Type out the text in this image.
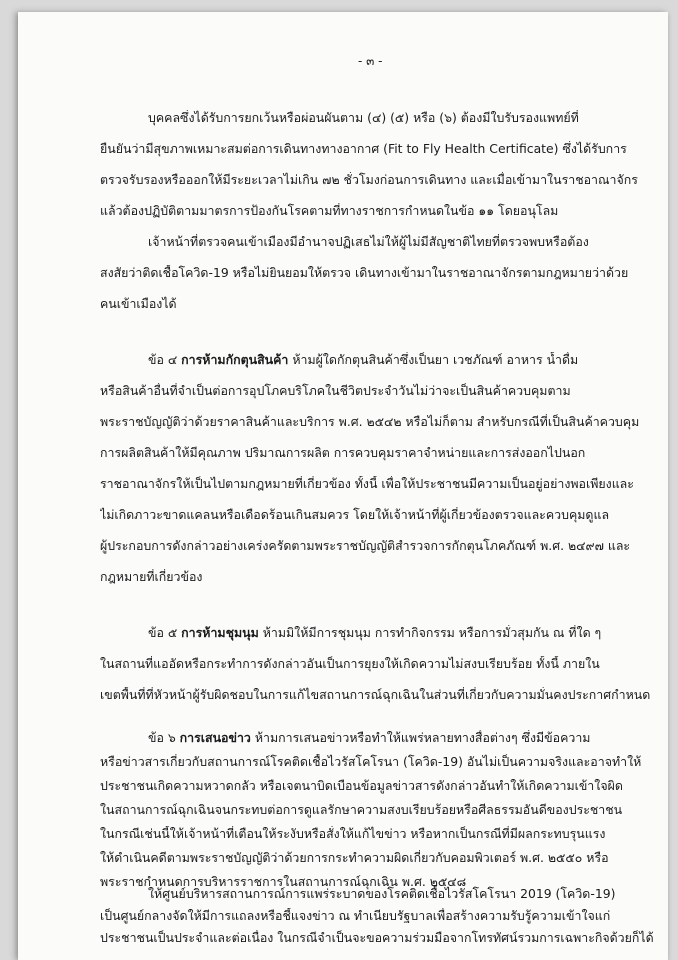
- ๓ -
บุคคลซึ่งได้รับการยกเว้นหรือผ่อนผันตาม (๔) (๕) หรือ (๖) ต้องมีใบรับรองแพทย์ที่
ยืนยันว่ามีสุขภาพเหมาะสมต่อการเดินทางทางอากาศ (Fit to Fly Health Certificate) ซึ่งได้รับการ
ตรวจรับรองหรือออกให้มีระยะเวลาไม่เกิน ๗๒ ชั่วโมงก่อนการเดินทาง และเมื่อเข้ามาในราชอาณาจักร
แล้วต้องปฏิบัติตามมาตรการป้องกันโรคตามที่ทางราชการกำหนดในข้อ ๑๑ โดยอนุโลม
เจ้าหน้าที่ตรวจคนเข้าเมืองมีอำนาจปฏิเสธไม่ให้ผู้ไม่มีสัญชาติไทยที่ตรวจพบหรือต้อง
สงสัยว่าติดเชื้อโควิด-19 หรือไม่ยินยอมให้ตรวจ เดินทางเข้ามาในราชอาณาจักรตามกฎหมายว่าด้วย
คนเข้าเมืองได้
ข้อ ๔ การห้ามกักตุนสินค้า ห้ามผู้ใดกักตุนสินค้าซึ่งเป็นยา เวชภัณฑ์ อาหาร น้ำดื่ม
หรือสินค้าอื่นที่จำเป็นต่อการอุปโภคบริโภคในชีวิตประจำวันไม่ว่าจะเป็นสินค้าควบคุมตาม
พระราชบัญญัติว่าด้วยราคาสินค้าและบริการ พ.ศ. ๒๕๔๒ หรือไม่ก็ตาม สำหรับกรณีที่เป็นสินค้าควบคุม
การผลิตสินค้าให้มีคุณภาพ ปริมาณการผลิต การควบคุมราคาจำหน่ายและการส่งออกไปนอก
ราชอาณาจักรให้เป็นไปตามกฎหมายที่เกี่ยวข้อง ทั้งนี้ เพื่อให้ประชาชนมีความเป็นอยู่อย่างพอเพียงและ
ไม่เกิดภาวะขาดแคลนหรือเดือดร้อนเกินสมควร โดยให้เจ้าหน้าที่ผู้เกี่ยวข้องตรวจและควบคุมดูแล
ผู้ประกอบการดังกล่าวอย่างเคร่งครัดตามพระราชบัญญัติสำรวจการกักตุนโภคภัณฑ์ พ.ศ. ๒๔๙๗ และ
กฎหมายที่เกี่ยวข้อง
ข้อ ๕ การห้ามชุมนุม ห้ามมิให้มีการชุมนุม การทำกิจกรรม หรือการมั่วสุมกัน ณ ที่ใด ๆ
ในสถานที่แออัดหรือกระทำการดังกล่าวอันเป็นการยุยงให้เกิดความไม่สงบเรียบร้อย ทั้งนี้ ภายใน
เขตพื้นที่ที่หัวหน้าผู้รับผิดชอบในการแก้ไขสถานการณ์ฉุกเฉินในส่วนที่เกี่ยวกับความมั่นคงประกาศกำหนด
ข้อ ๖ การเสนอข่าว ห้ามการเสนอข่าวหรือทำให้แพร่หลายทางสื่อต่างๆ ซึ่งมีข้อความ
หรือข่าวสารเกี่ยวกับสถานการณ์โรคติดเชื้อไวรัสโคโรนา (โควิด-19) อันไม่เป็นความจริงและอาจทำให้
ประชาชนเกิดความหวาดกลัว หรือเจตนาบิดเบือนข้อมูลข่าวสารดังกล่าวอันทำให้เกิดความเข้าใจผิด
ในสถานการณ์ฉุกเฉินจนกระทบต่อการดูแลรักษาความสงบเรียบร้อยหรือศีลธรรมอันดีของประชาชน
ในกรณีเช่นนี้ให้เจ้าหน้าที่เตือนให้ระงับหรือสั่งให้แก้ไขข่าว หรือหากเป็นกรณีที่มีผลกระทบรุนแรง
ให้ดำเนินคดีตามพระราชบัญญัติว่าด้วยการกระทำความผิดเกี่ยวกับคอมพิวเตอร์ พ.ศ. ๒๕๕๐ หรือ
พระราชกำหนดการบริหารราชการในสถานการณ์ฉุกเฉิน พ.ศ. ๒๕๔๘
ให้ศูนย์บริหารสถานการณ์การแพร่ระบาดของโรคติดเชื้อไวรัสโคโรนา 2019 (โควิด-19)
เป็นศูนย์กลางจัดให้มีการแถลงหรือชี้แจงข่าว ณ ทำเนียบรัฐบาลเพื่อสร้างความรับรู้ความเข้าใจแก่
ประชาชนเป็นประจำและต่อเนื่อง ในกรณีจำเป็นจะขอความร่วมมือจากโทรทัศน์รวมการเฉพาะกิจด้วยก็ได้
